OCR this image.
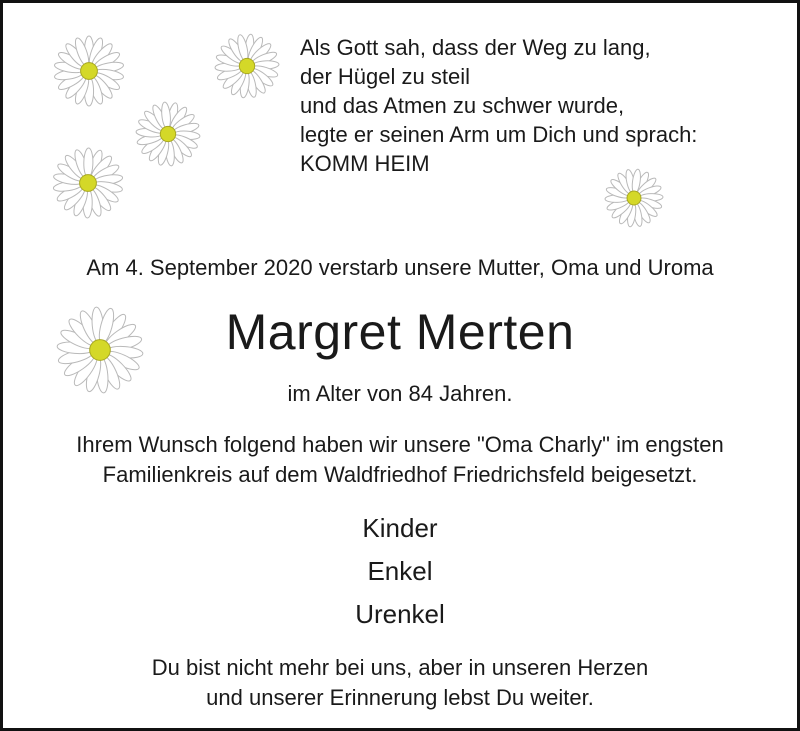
Als Gott sah, dass der Weg zu lang,
der Hügel zu steil
und das Atmen zu schwer wurde,
legte er seinen Arm um Dich und sprach:
KOMM HEIM
Am 4. September 2020 verstarb unsere Mutter, Oma und Uroma
Margret Merten
im Alter von 84 Jahren.
Ihrem Wunsch folgend haben wir unsere "Oma Charly" im engsten
Familienkreis auf dem Waldfriedhof Friedrichsfeld beigesetzt.
Kinder
Enkel
Urenkel
Du bist nicht mehr bei uns, aber in unseren Herzen
und unserer Erinnerung lebst Du weiter.
